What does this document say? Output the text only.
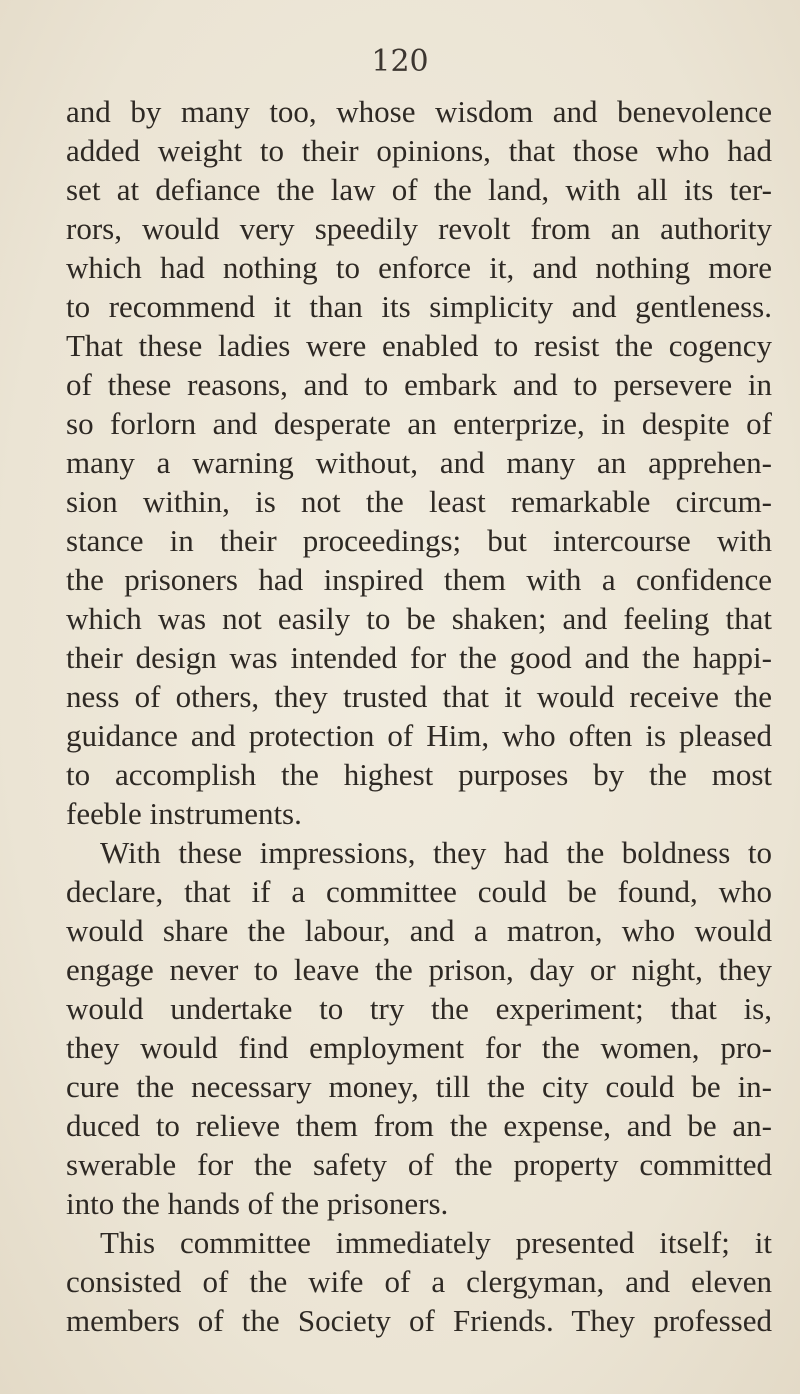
120
and by many too, whose wisdom and benevolence
added weight to their opinions, that those who had
set at defiance the law of the land, with all its ter-
rors, would very speedily revolt from an authority
which had nothing to enforce it, and nothing more
to recommend it than its simplicity and gentleness.
That these ladies were enabled to resist the cogency
of these reasons, and to embark and to persevere in
so forlorn and desperate an enterprize, in despite of
many a warning without, and many an apprehen-
sion within, is not the least remarkable circum-
stance in their proceedings; but intercourse with
the prisoners had inspired them with a confidence
which was not easily to be shaken; and feeling that
their design was intended for the good and the happi-
ness of others, they trusted that it would receive the
guidance and protection of Him, who often is pleased
to accomplish the highest purposes by the most
feeble instruments.
With these impressions, they had the boldness to
declare, that if a committee could be found, who
would share the labour, and a matron, who would
engage never to leave the prison, day or night, they
would undertake to try the experiment; that is,
they would find employment for the women, pro-
cure the necessary money, till the city could be in-
duced to relieve them from the expense, and be an-
swerable for the safety of the property committed
into the hands of the prisoners.
This committee immediately presented itself; it
consisted of the wife of a clergyman, and eleven
members of the Society of Friends. They professed
